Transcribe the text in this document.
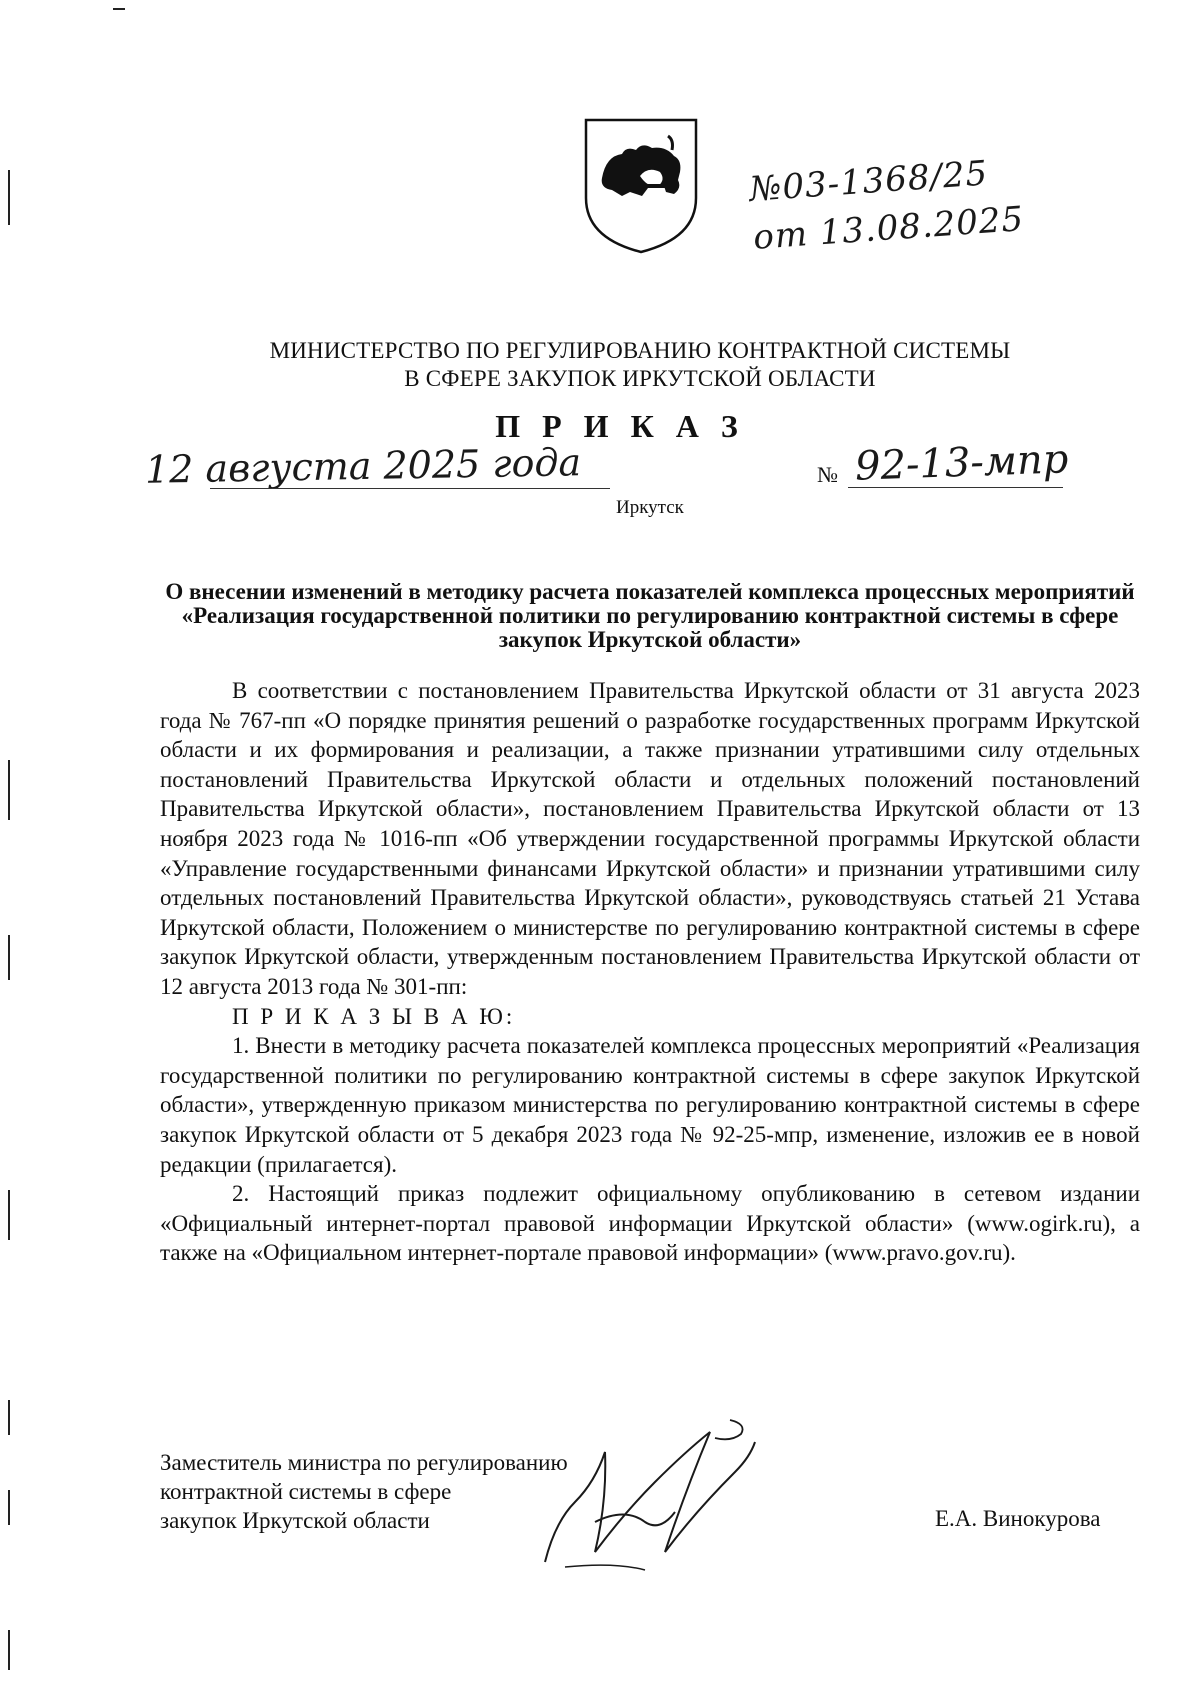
№03-1368/25
от 13.08.2025
МИНИСТЕРСТВО ПО РЕГУЛИРОВАНИЮ КОНТРАКТНОЙ СИСТЕМЫ
В СФЕРЕ ЗАКУПОК ИРКУТСКОЙ ОБЛАСТИ
П Р И К А З
12 августа 2025 года	№ 92-13-мпр
Иркутск
О внесении изменений в методику расчета показателей комплекса процессных мероприятий «Реализация государственной политики по регулированию контрактной системы в сфере закупок Иркутской области»

В соответствии с постановлением Правительства Иркутской области от 31 августа 2023 года № 767-пп «О порядке принятия решений о разработке государственных программ Иркутской области и их формирования и реализации, а также признании утратившими силу отдельных постановлений Правительства Иркутской области и отдельных положений постановлений Правительства Иркутской области», постановлением Правительства Иркутской области от 13 ноября 2023 года № 1016-пп «Об утверждении государственной программы Иркутской области «Управление государственными финансами Иркутской области» и признании утратившими силу отдельных постановлений Правительства Иркутской области», руководствуясь статьей 21 Устава Иркутской области, Положением о министерстве по регулированию контрактной системы в сфере закупок Иркутской области, утвержденным постановлением Правительства Иркутской области от 12 августа 2013 года № 301-пп:

П Р И К А З Ы В А Ю:

1. Внести в методику расчета показателей комплекса процессных мероприятий «Реализация государственной политики по регулированию контрактной системы в сфере закупок Иркутской области», утвержденную приказом министерства по регулированию контрактной системы в сфере закупок Иркутской области от 5 декабря 2023 года № 92-25-мпр, изменение, изложив ее в новой редакции (прилагается).

2. Настоящий приказ подлежит официальному опубликованию в сетевом издании «Официальный интернет-портал правовой информации Иркутской области» (www.ogirk.ru), а также на «Официальном интернет-портале правовой информации» (www.pravo.gov.ru).

Заместитель министра по регулированию
контрактной системы в сфере
закупок Иркутской области	Е.А. Винокурова
